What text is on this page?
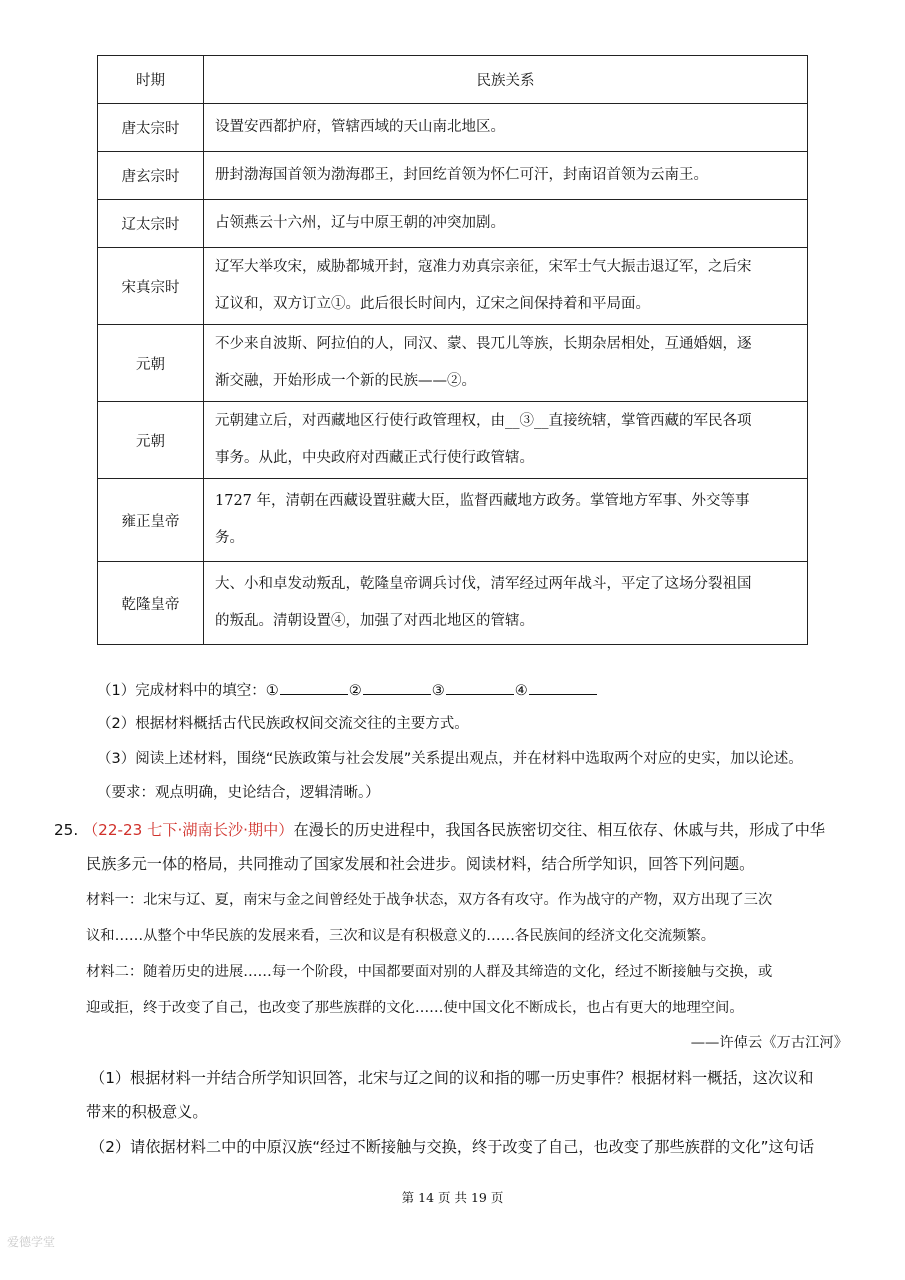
时期	民族关系
唐太宗时	设置安西都护府，管辖西域的天山南北地区。

唐玄宗时	册封渤海国首领为渤海郡王，封回纥首领为怀仁可汗，封南诏首领为云南王。

辽太宗时	占领燕云十六州，辽与中原王朝的冲突加剧。

宋真宗时	辽军大举攻宋，威胁都城开封，寇准力劝真宗亲征，宋军士气大振击退辽军，之后宋
辽议和，双方订立①。此后很长时间内，辽宋之间保持着和平局面。

元朝	不少来自波斯、阿拉伯的人，同汉、蒙、畏兀儿等族，长期杂居相处，互通婚姻，逐
渐交融，开始形成一个新的民族——②。

元朝	元朝建立后，对西藏地区行使行政管理权，由__③__直接统辖，掌管西藏的军民各项
事务。从此，中央政府对西藏正式行使行政管辖。

雍正皇帝	1727 年，清朝在西藏设置驻藏大臣，监督西藏地方政务。掌管地方军事、外交等事
务。

乾隆皇帝	大、小和卓发动叛乱，乾隆皇帝调兵讨伐，清军经过两年战斗，平定了这场分裂祖国
的叛乱。清朝设置④，加强了对西北地区的管辖。
（1）完成材料中的填空：①	②	③	④
（2）根据材料概括古代民族政权间交流交往的主要方式。
（3）阅读上述材料，围绕“民族政策与社会发展”关系提出观点，并在材料中选取两个对应的史实，加以论述。
（要求：观点明确，史论结合，逻辑清晰。）
25. （22-23 七下·湖南长沙·期中）在漫长的历史进程中，我国各民族密切交往、相互依存、休戚与共，形成了中华
民族多元一体的格局，共同推动了国家发展和社会进步。阅读材料，结合所学知识，回答下列问题。
材料一：北宋与辽、夏，南宋与金之间曾经处于战争状态，双方各有攻守。作为战守的产物，双方出现了三次
议和……从整个中华民族的发展来看，三次和议是有积极意义的……各民族间的经济文化交流频繁。
材料二：随着历史的进展……每一个阶段，中国都要面对别的人群及其缔造的文化，经过不断接触与交换，或
迎或拒，终于改变了自己，也改变了那些族群的文化……使中国文化不断成长，也占有更大的地理空间。
——许倬云《万古江河》
（1）根据材料一并结合所学知识回答，北宋与辽之间的议和指的哪一历史事件？根据材料一概括，这次议和
带来的积极意义。
（2）请依据材料二中的中原汉族“经过不断接触与交换，终于改变了自己，也改变了那些族群的文化”这句话
第 14 页 共 19 页
爱德学堂
